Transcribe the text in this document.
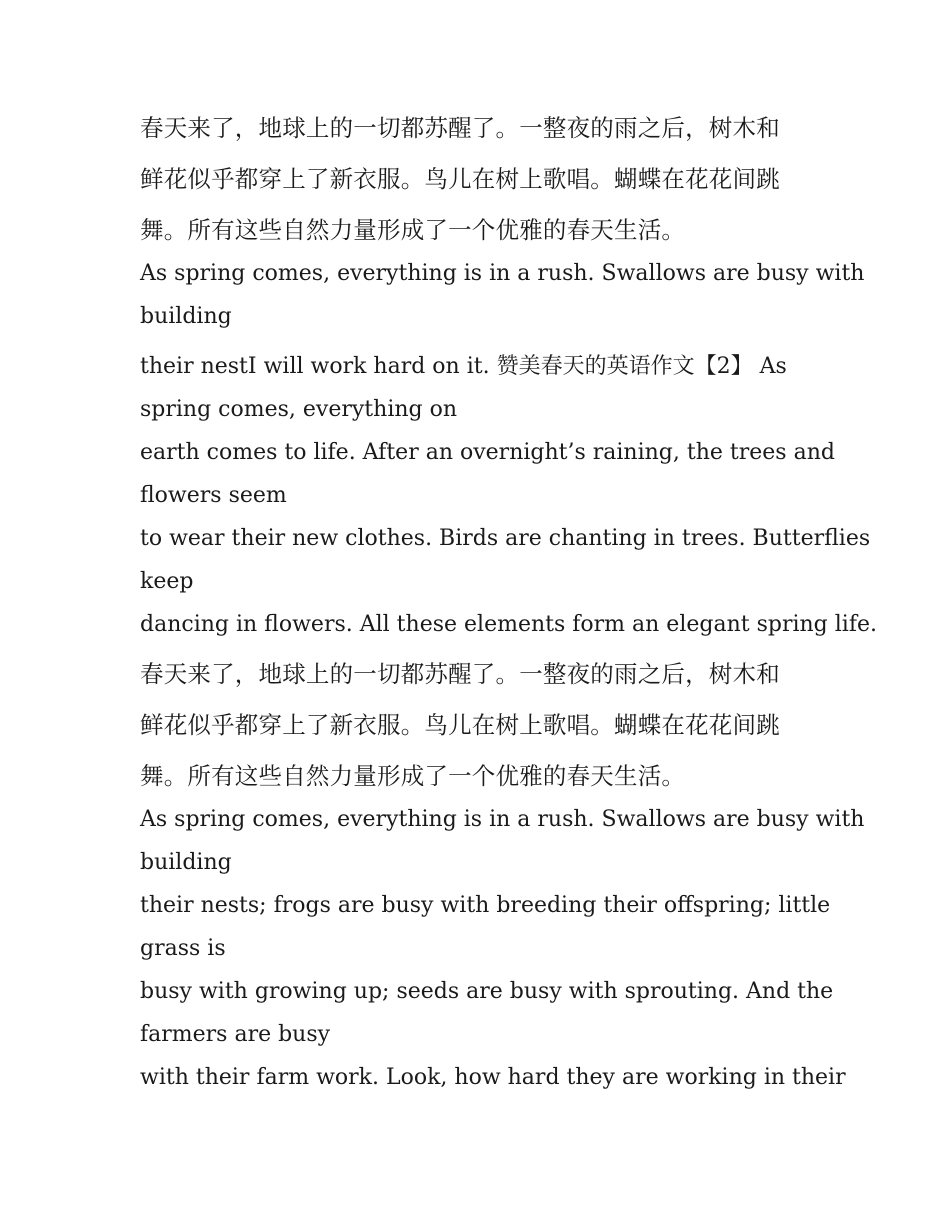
春天来了，地球上的一切都苏醒了。一整夜的雨之后，树木和
鲜花似乎都穿上了新衣服。鸟儿在树上歌唱。蝴蝶在花花间跳
舞。所有这些自然力量形成了一个优雅的春天生活。
As spring comes, everything is in a rush. Swallows are busy with
building
their nestI will work hard on it. 赞美春天的英语作文【2】 As
spring comes, everything on
earth comes to life. After an overnight’s raining, the trees and
flowers seem
to wear their new clothes. Birds are chanting in trees. Butterflies
keep
dancing in flowers. All these elements form an elegant spring life.
春天来了，地球上的一切都苏醒了。一整夜的雨之后，树木和
鲜花似乎都穿上了新衣服。鸟儿在树上歌唱。蝴蝶在花花间跳
舞。所有这些自然力量形成了一个优雅的春天生活。
As spring comes, everything is in a rush. Swallows are busy with
building
their nests; frogs are busy with breeding their offspring; little
grass is
busy with growing up; seeds are busy with sprouting. And the
farmers are busy
with their farm work. Look, how hard they are working in their
